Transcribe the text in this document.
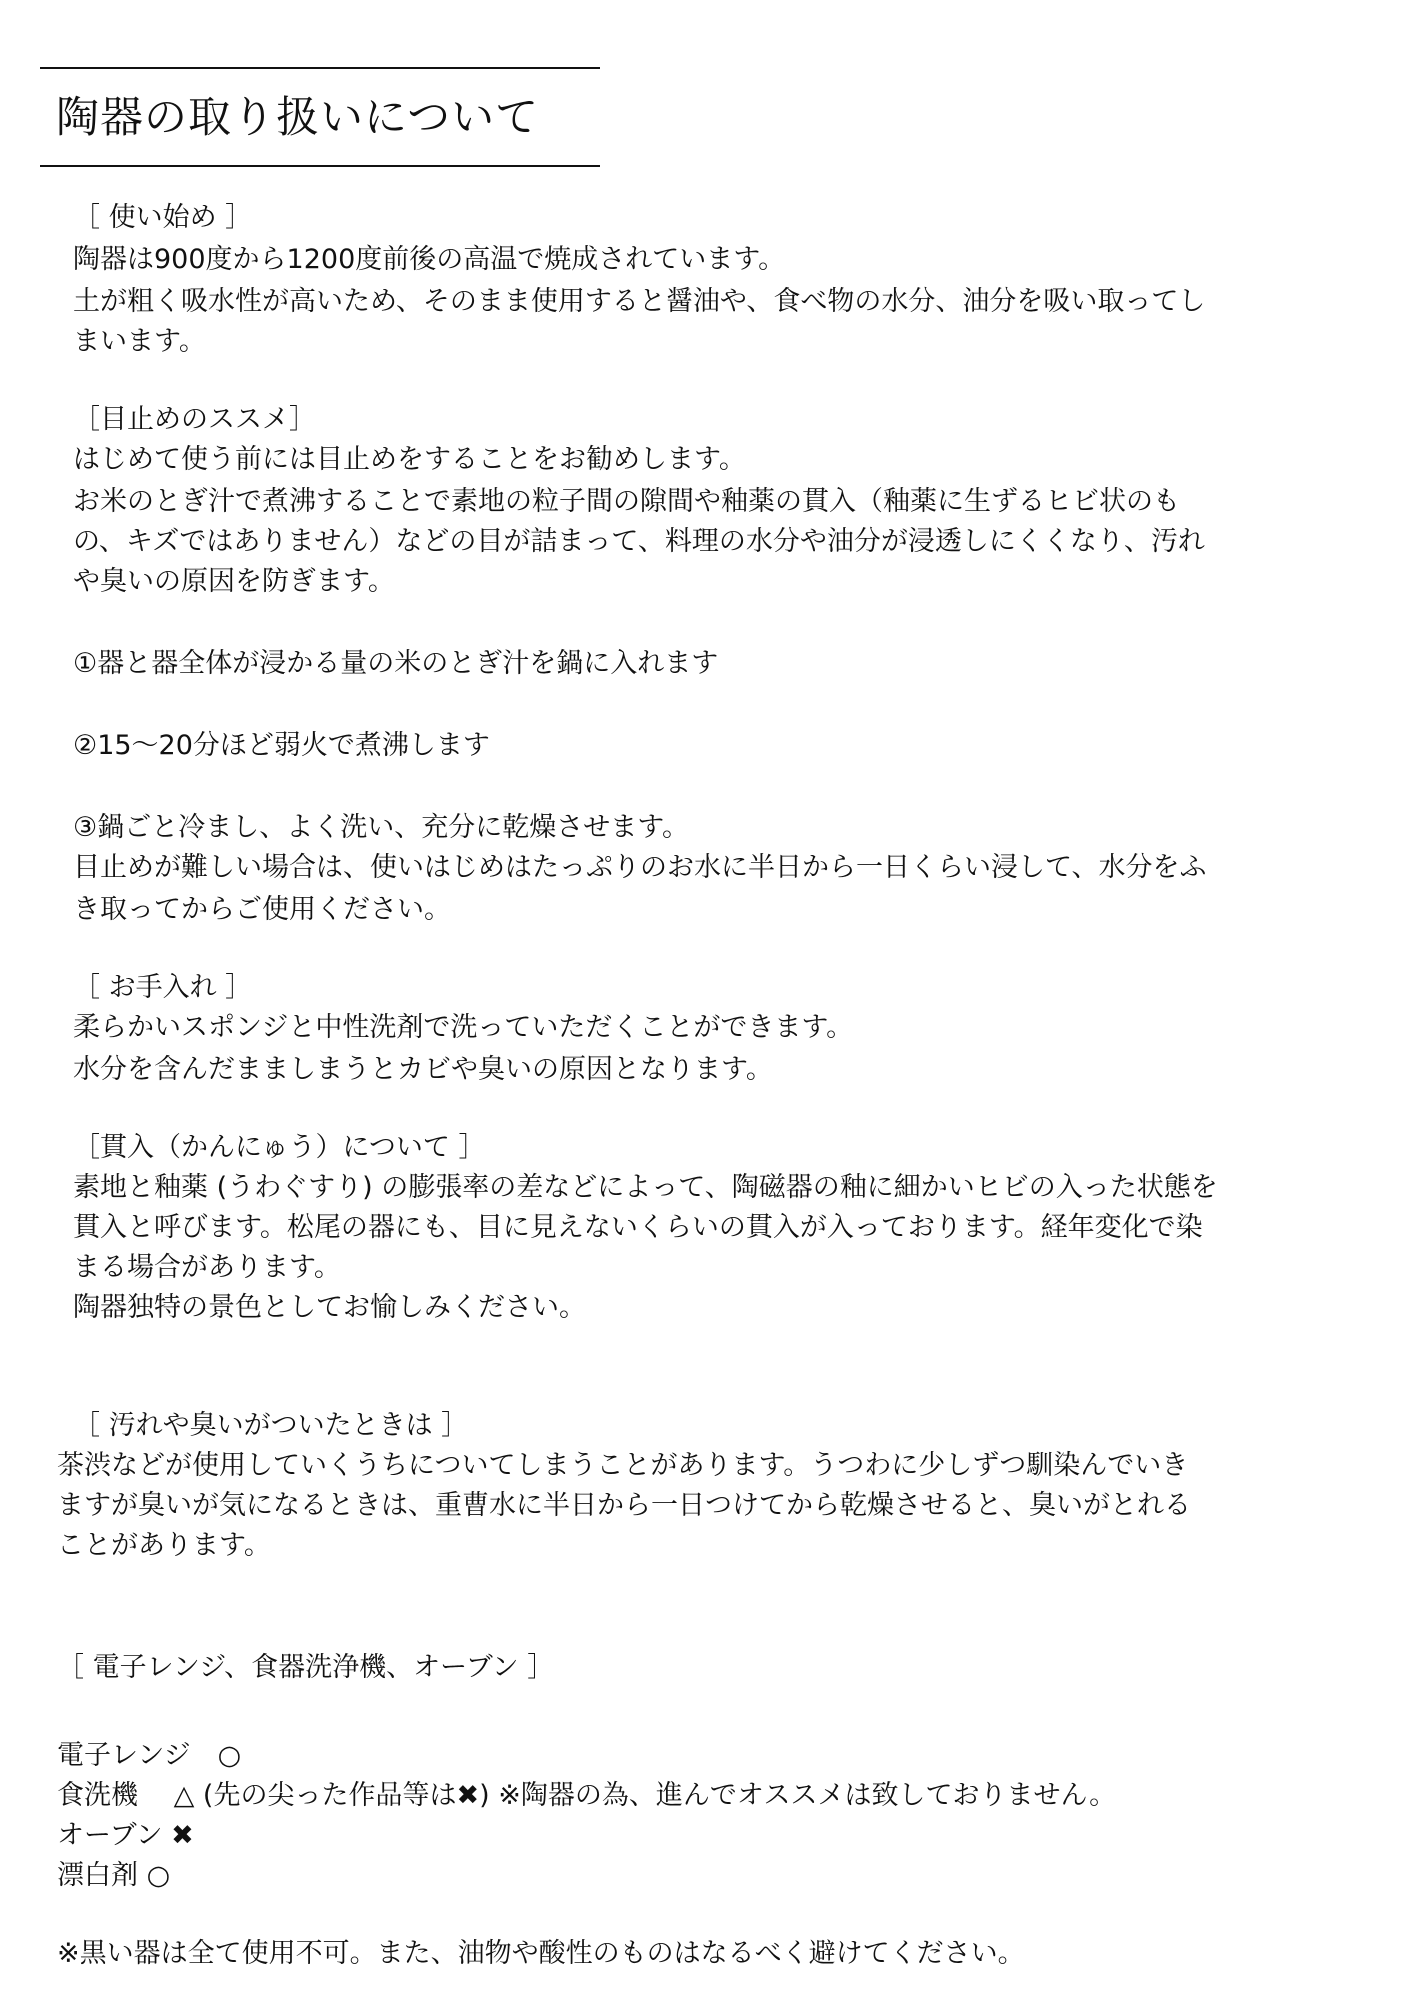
陶器の取り扱いについて
［ 使い始め ］
陶器は900度から1200度前後の高温で焼成されています。
土が粗く吸水性が高いため、そのまま使用すると醤油や、食べ物の水分、油分を吸い取ってし
まいます。
［目止めのススメ］
はじめて使う前には目止めをすることをお勧めします。
お米のとぎ汁で煮沸することで素地の粒子間の隙間や釉薬の貫入（釉薬に生ずるヒビ状のも
の、キズではありません）などの目が詰まって、料理の水分や油分が浸透しにくくなり、汚れ
や臭いの原因を防ぎます。
①器と器全体が浸かる量の米のとぎ汁を鍋に入れます
②15〜20分ほど弱火で煮沸します
③鍋ごと冷まし、よく洗い、充分に乾燥させます。
目止めが難しい場合は、使いはじめはたっぷりのお水に半日から一日くらい浸して、水分をふ
き取ってからご使用ください。
［ お手入れ ］
柔らかいスポンジと中性洗剤で洗っていただくことができます。
水分を含んだまましまうとカビや臭いの原因となります。
［貫入（かんにゅう）について ］
素地と釉薬 (うわぐすり) の膨張率の差などによって、陶磁器の釉に細かいヒビの入った状態を
貫入と呼びます。松尾の器にも、目に見えないくらいの貫入が入っております。経年変化で染
まる場合があります。
陶器独特の景色としてお愉しみください。
［ 汚れや臭いがついたときは ］
茶渋などが使用していくうちについてしまうことがあります。うつわに少しずつ馴染んでいき
ますが臭いが気になるときは、重曹水に半日から一日つけてから乾燥させると、臭いがとれる
ことがあります。
［ 電子レンジ、食器洗浄機、オーブン ］
電子レンジ　○
食洗機　 △ (先の尖った作品等は✖) ※陶器の為、進んでオススメは致しておりません。
オーブン ✖
漂白剤 ○
※黒い器は全て使用不可。また、油物や酸性のものはなるべく避けてください。
